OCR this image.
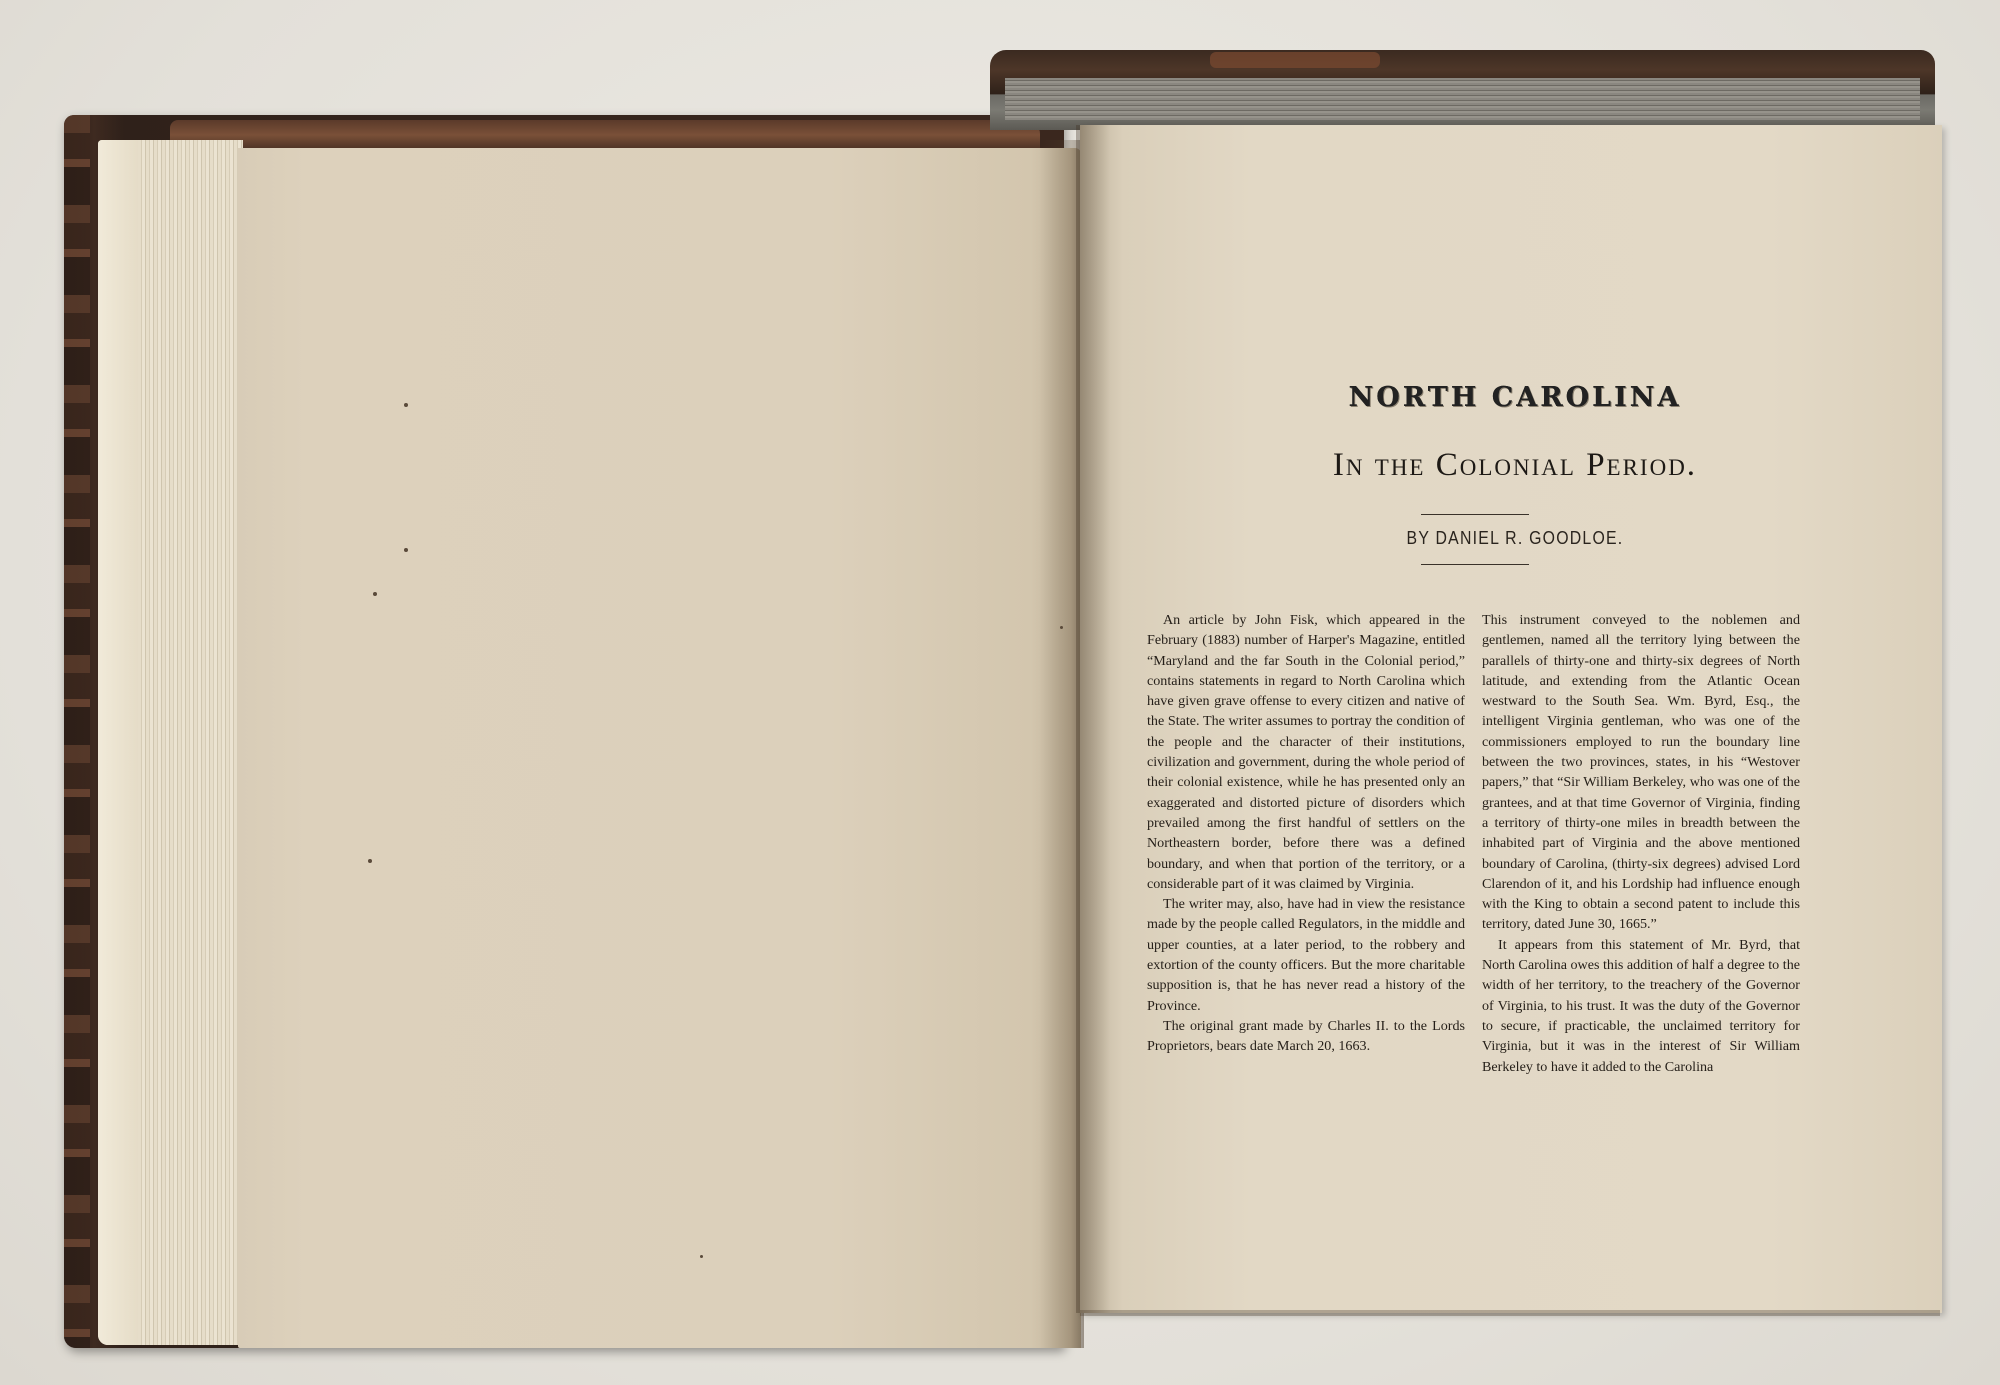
NORTH CAROLINA
In the Colonial Period.
BY DANIEL R. GOODLOE.

An article by John Fisk, which appeared in the February (1883) number of Harper's Magazine, entitled “Maryland and the far South in the Colonial period,” contains statements in regard to North Carolina which have given grave offense to every citizen and native of the State. The writer assumes to portray the condition of the people and the character of their institutions, civilization and government, during the whole period of their colonial existence, while he has presented only an exaggerated and distorted picture of disorders which prevailed among the first handful of settlers on the Northeastern border, before there was a defined boundary, and when that portion of the territory, or a considerable part of it was claimed by Virginia.

The writer may, also, have had in view the resistance made by the people called Regulators, in the middle and upper counties, at a later period, to the robbery and extortion of the county officers. But the more charitable supposition is, that he has never read a history of the Province.

The original grant made by Charles II. to the Lords Proprietors, bears date March 20, 1663.

This instrument conveyed to the noblemen and gentlemen, named all the territory lying between the parallels of thirty-one and thirty-six degrees of North latitude, and extending from the Atlantic Ocean westward to the South Sea. Wm. Byrd, Esq., the intelligent Virginia gentleman, who was one of the commissioners employed to run the boundary line between the two provinces, states, in his “Westover papers,” that “Sir William Berkeley, who was one of the grantees, and at that time Governor of Virginia, finding a territory of thirty-one miles in breadth between the inhabited part of Virginia and the above mentioned boundary of Carolina, (thirty-six degrees) advised Lord Clarendon of it, and his Lordship had influence enough with the King to obtain a second patent to include this territory, dated June 30, 1665.”

It appears from this statement of Mr. Byrd, that North Carolina owes this addition of half a degree to the width of her territory, to the treachery of the Governor of Virginia, to his trust. It was the duty of the Governor to secure, if practicable, the unclaimed territory for Virginia, but it was in the interest of Sir William Berkeley to have it added to the Carolina
